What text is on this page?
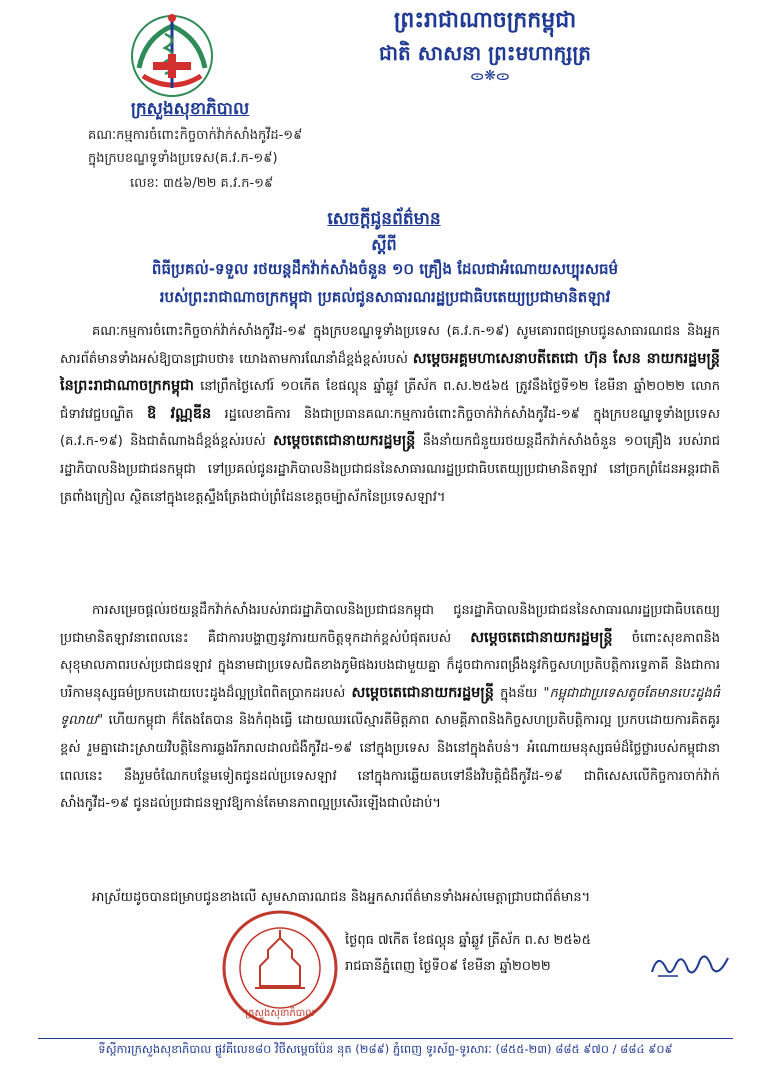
ព្រះរាជាណាចក្រកម្ពុជា
ជាតិ សាសនា ព្រះមហាក្សត្រ
ᯣ❋ᯣ
ក្រសួងសុខាភិបាល
គណៈកម្មការចំពោះកិច្ចចាក់វ៉ាក់សាំងកូវីដ-១៩
ក្នុងក្របខណ្ឌទូទាំងប្រទេស(គ.វ.ក-១៩)
លេខៈ ៣៥៦/២២ គ.វ.ក-១៩
សេចក្តីជូនព័ត៌មាន
ស្តីពី
ពិធីប្រគល់-ទទួល រថយន្តដឹកវ៉ាក់សាំងចំនួន ១០ គ្រឿង ដែលជាអំណោយសប្បុរសធម៌
របស់ព្រះរាជាណាចក្រកម្ពុជា ប្រគល់ជូនសាធារណរដ្ឋប្រជាធិបតេយ្យប្រជាមានិតឡាវ
គណៈកម្មការចំពោះកិច្ចចាក់វ៉ាក់សាំងកូវីដ-១៩ ក្នុងក្របខណ្ឌទូទាំងប្រទេស (គ.វ.ក-១៩) សូមគោរពជម្រាបជូនសាធារណជន និងអ្នកសារព័ត៌មានទាំងអស់ឱ្យបានជ្រាបថា៖ យោងតាមការណែនាំដ៏ខ្ពង់ខ្ពស់របស់ សម្តេចអគ្គមហាសេនាបតីតេជោ ហ៊ុន សែន នាយករដ្ឋមន្ត្រីនៃព្រះរាជាណាចក្រកម្ពុជា នៅព្រឹកថ្ងៃសៅរ៍ ១០កើត ខែផល្គុន ឆ្នាំឆ្លូវ ត្រីស័ក ព.ស.២៥៦៥ ត្រូវនឹងថ្ងៃទី១២ ខែមីនា ឆ្នាំ២០២២ លោកជំទាវវេជ្ជបណ្ឌិត ឱ វណ្ណឌីន រដ្ឋលេខាធិការ និងជាប្រធានគណៈកម្មការចំពោះកិច្ចចាក់វ៉ាក់សាំងកូវីដ-១៩ ក្នុងក្របខណ្ឌទូទាំងប្រទេស (គ.វ.ក-១៩) និងជាតំណាងដ៏ខ្ពង់ខ្ពស់របស់ សម្តេចតេជោនាយករដ្ឋមន្ត្រី នឹងនាំយកជំនួយរថយន្តដឹកវ៉ាក់សាំងចំនួន ១០គ្រឿង របស់រាជរដ្ឋាភិបាលនិងប្រជាជនកម្ពុជា ទៅប្រគល់ជូនរដ្ឋាភិបាលនិងប្រជាជននៃសាធារណរដ្ឋប្រជាធិបតេយ្យប្រជាមានិតឡាវ នៅច្រកព្រំដែនអន្តរជាតិត្រពាំងក្រៀល ស្ថិតនៅក្នុងខេត្តស្ទឹងត្រែងជាប់ព្រំដែនខេត្តចម្ប៉ាស័កនៃប្រទេសឡាវ។
ការសម្រេចផ្តល់រថយន្តដឹកវ៉ាក់សាំងរបស់រាជរដ្ឋាភិបាលនិងប្រជាជនកម្ពុជា ជូនរដ្ឋាភិបាលនិងប្រជាជននៃសាធារណរដ្ឋប្រជាធិបតេយ្យប្រជាមានិតឡាវនាពេលនេះ គឺជាការបង្ហាញនូវការយកចិត្តទុកដាក់ខ្ពស់បំផុតរបស់ សម្តេចតេជោនាយករដ្ឋមន្ត្រី ចំពោះសុខភាពនិងសុខុមាលភាពរបស់ប្រជាជនឡាវ ក្នុងនាមជាប្រទេសជិតខាងភូមិផងរបងជាមួយគ្នា ក៏ដូចជាការពង្រឹងនូវកិច្ចសហប្រតិបត្តិការទ្វេភាគី និងជាការបរិកាមនុស្សធម៌ប្រកបដោយបេះដូងដ៏ល្អប្រពៃពិតប្រាកដរបស់ សម្តេចតេជោនាយករដ្ឋមន្ត្រី ក្នុងន័យ "កម្ពុជាជាប្រទេសតូចតែមានបេះដូងធំទូលាយ" ហើយកម្ពុជា ក៏តែងតែបាន និងកំពុងធ្វើ ដោយឈរលើស្មារតីមិត្តភាព សាមគ្គីភាពនិងកិច្ចសហប្រតិបត្តិការល្អ ប្រកបដោយការគិតគូរខ្ពស់ រួមគ្នាដោះស្រាយវិបត្តិនៃការឆ្លងរីករាលដាលជំងឺកូវីដ-១៩ នៅក្នុងប្រទេស និងនៅក្នុងតំបន់។ អំណោយមនុស្សធម៌ដ៏ថ្លៃថ្លារបស់កម្ពុជានាពេលនេះ នឹងរួមចំណែកបន្ថែមទៀតជូនដល់ប្រទេសឡាវ នៅក្នុងការឆ្លើយតបទៅនឹងវិបត្តិជំងឺកូវីដ-១៩ ជាពិសេសលើកិច្ចការចាក់វ៉ាក់សាំងកូវីដ-១៩ ជូនដល់ប្រជាជនឡាវឱ្យកាន់តែមានភាពល្អប្រសើរឡើងជាលំដាប់។
អាស្រ័យដូចបានជម្រាបជូនខាងលើ សូមសាធារណជន និងអ្នកសារព័ត៌មានទាំងអស់មេត្តាជ្រាបជាព័ត៌មាន។
ក្រសួងសុខាភិបាល
ថ្ងៃពុធ ៧កើត ខែផល្គុន ឆ្នាំឆ្លូវ ត្រីស័ក ព.ស ២៥៦៥
រាជធានីភ្នំពេញ ថ្ងៃទី០៩ ខែមីនា ឆ្នាំ២០២២
ទីស្តីការក្រសួងសុខាភិបាល ផ្លូវគីលេខ៨០ វិថីសម្តេចប៉ែន នុត (២៨៩) ភ្នំពេញ ទូរស័ព្ទ-ទូរសារៈ (៨៥៥-២៣) ៨៨៥ ៩៧០ / ៨៨៤ ៩០៩
